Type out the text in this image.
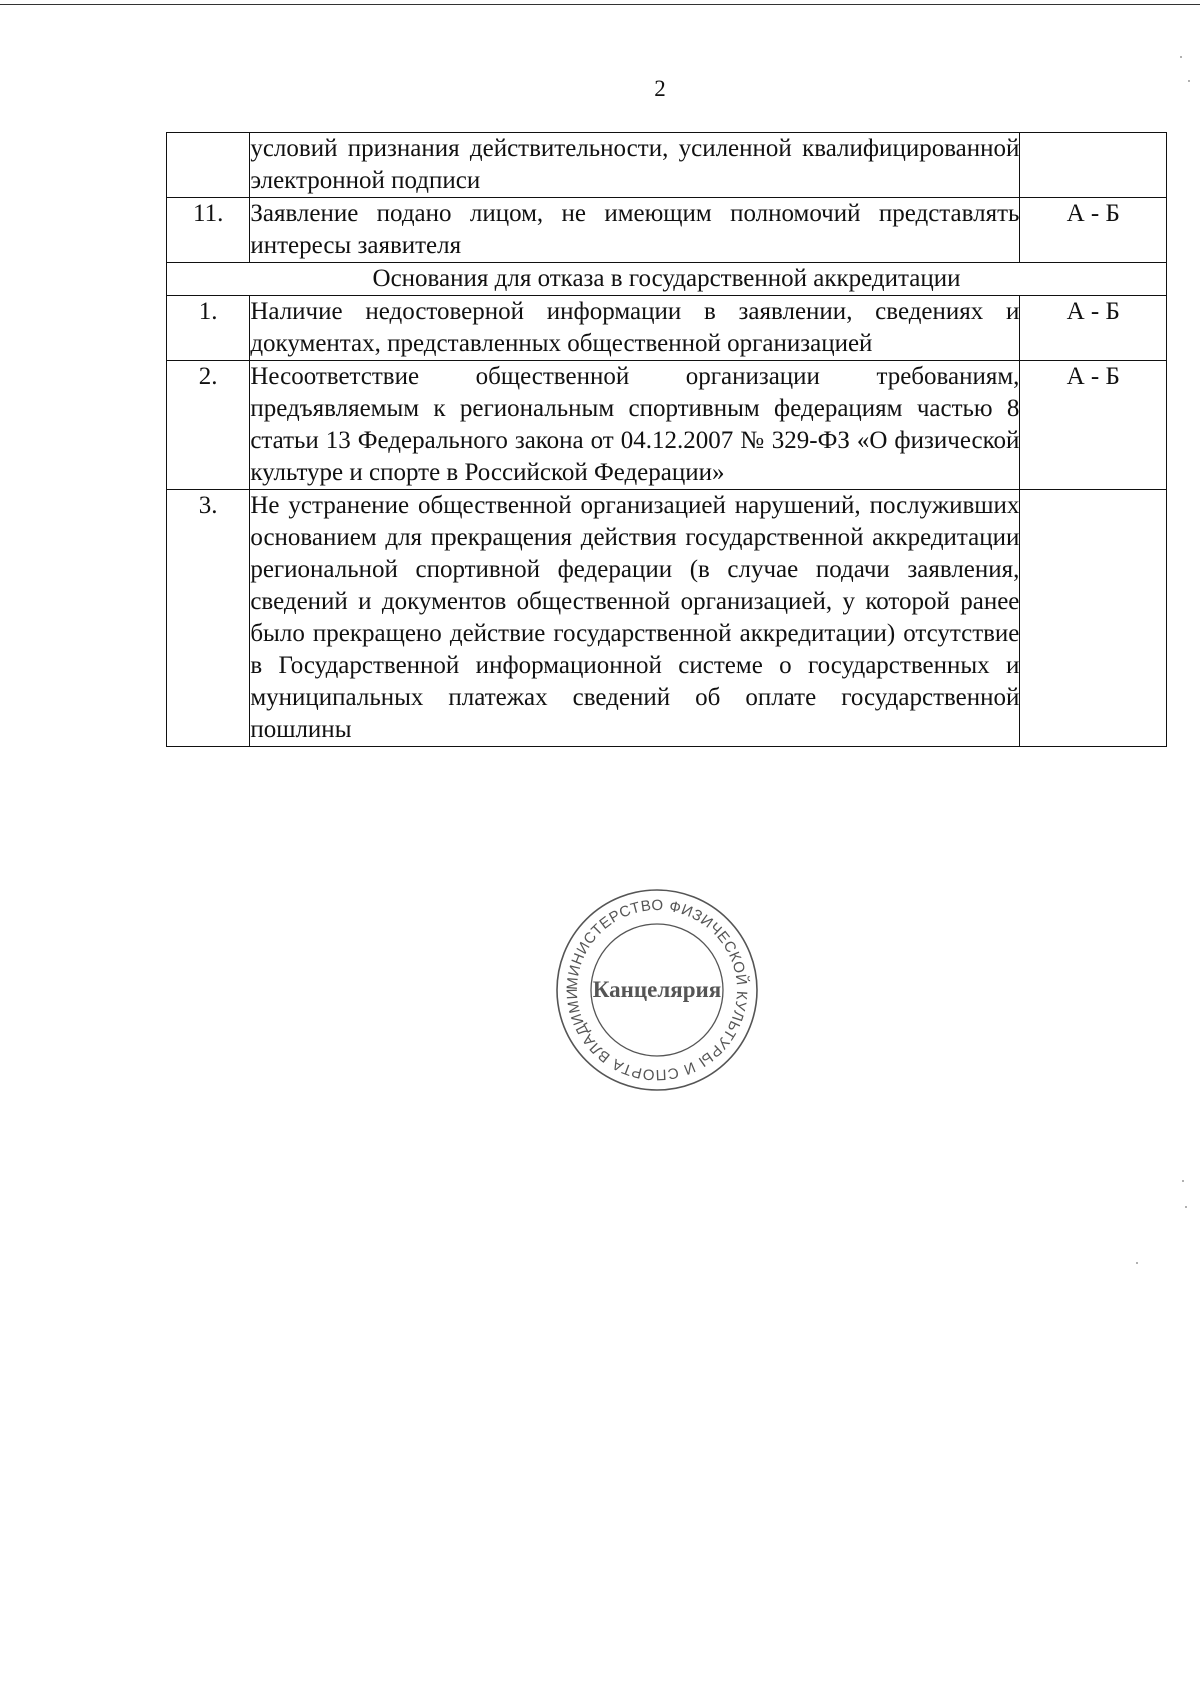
2
	условий признания действительности, усиленной квалифицированной электронной подписи	
11.	Заявление подано лицом, не имеющим полномочий представлять интересы заявителя	А - Б
Основания для отказа в государственной аккредитации		
1.	Наличие недостоверной информации в заявлении, сведениях и документах, представленных общественной организацией	А - Б
2.	Несоответствие общественной организации требованиям, предъявляемым к региональным спортивным федерациям частью 8 статьи 13 Федерального закона от 04.12.2007 № 329-ФЗ «О физической культуре и спорте в Российской Федерации»	А - Б
3.	Не устранение общественной организацией нарушений, послуживших основанием для прекращения действия государственной аккредитации региональной спортивной федерации (в случае подачи заявления, сведений и документов общественной организацией, у которой ранее было прекращено действие государственной аккредитации) отсутствие в Государственной информационной системе о государственных и муниципальных платежах сведений об оплате государственной пошлины	
МИНИСТЕРСТВО ФИЗИЧЕСКОЙ КУЛЬТУРЫ И СПОРТА ВЛАДИМИ Канцелярия
